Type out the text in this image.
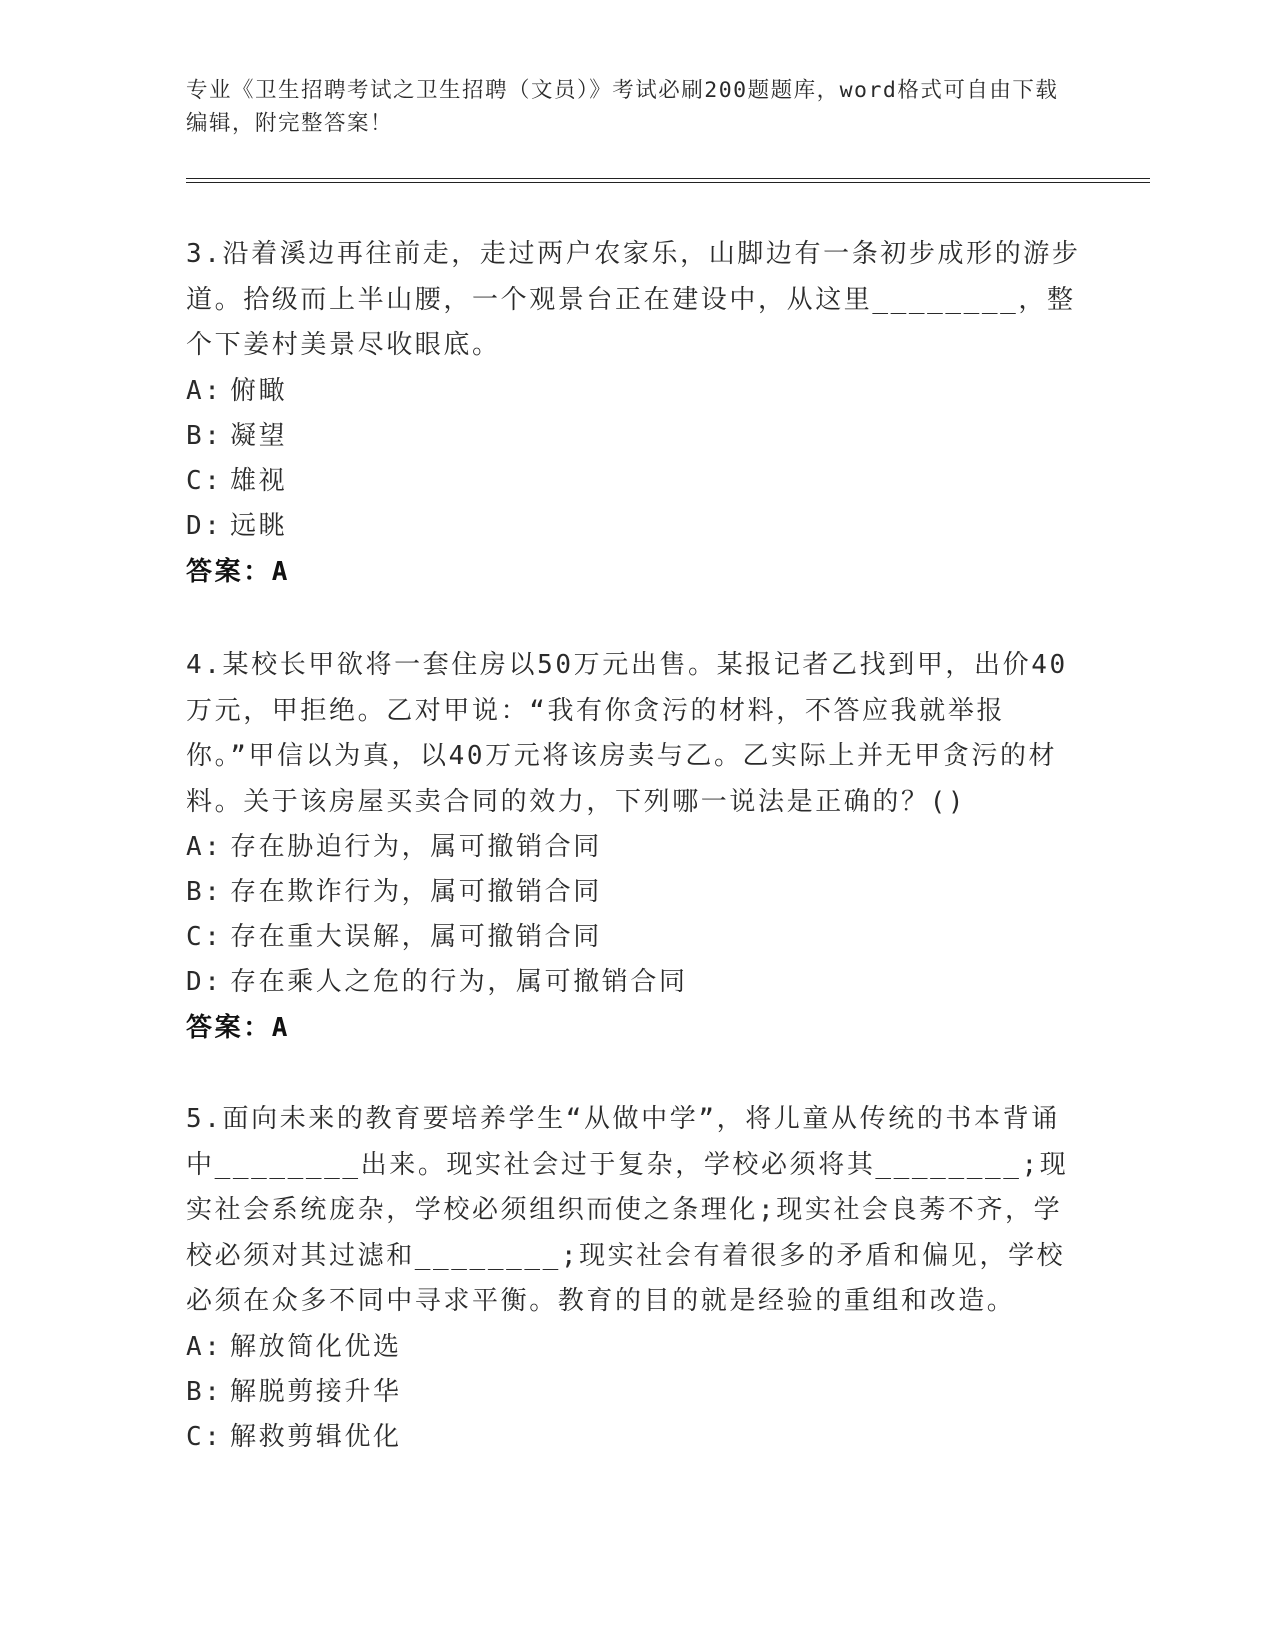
专业《卫生招聘考试之卫生招聘（文员）》考试必刷200题题库，word格式可自由下载编辑，附完整答案！

3.沿着溪边再往前走，走过两户农家乐，山脚边有一条初步成形的游步道。拾级而上半山腰，一个观景台正在建设中，从这里________，整个下姜村美景尽收眼底。

A: 俯瞰

B: 凝望

C: 雄视

D: 远眺

答案：A

4.某校长甲欲将一套住房以50万元出售。某报记者乙找到甲，出价40万元，甲拒绝。乙对甲说：“我有你贪污的材料，不答应我就举报你。”甲信以为真，以40万元将该房卖与乙。乙实际上并无甲贪污的材料。关于该房屋买卖合同的效力，下列哪一说法是正确的？()

A: 存在胁迫行为，属可撤销合同

B: 存在欺诈行为，属可撤销合同

C: 存在重大误解，属可撤销合同

D: 存在乘人之危的行为，属可撤销合同

答案：A

5.面向未来的教育要培养学生“从做中学”，将儿童从传统的书本背诵中________出来。现实社会过于复杂，学校必须将其________;现实社会系统庞杂，学校必须组织而使之条理化;现实社会良莠不齐，学校必须对其过滤和________;现实社会有着很多的矛盾和偏见，学校必须在众多不同中寻求平衡。教育的目的就是经验的重组和改造。

A: 解放简化优选

B: 解脱剪接升华

C: 解救剪辑优化
